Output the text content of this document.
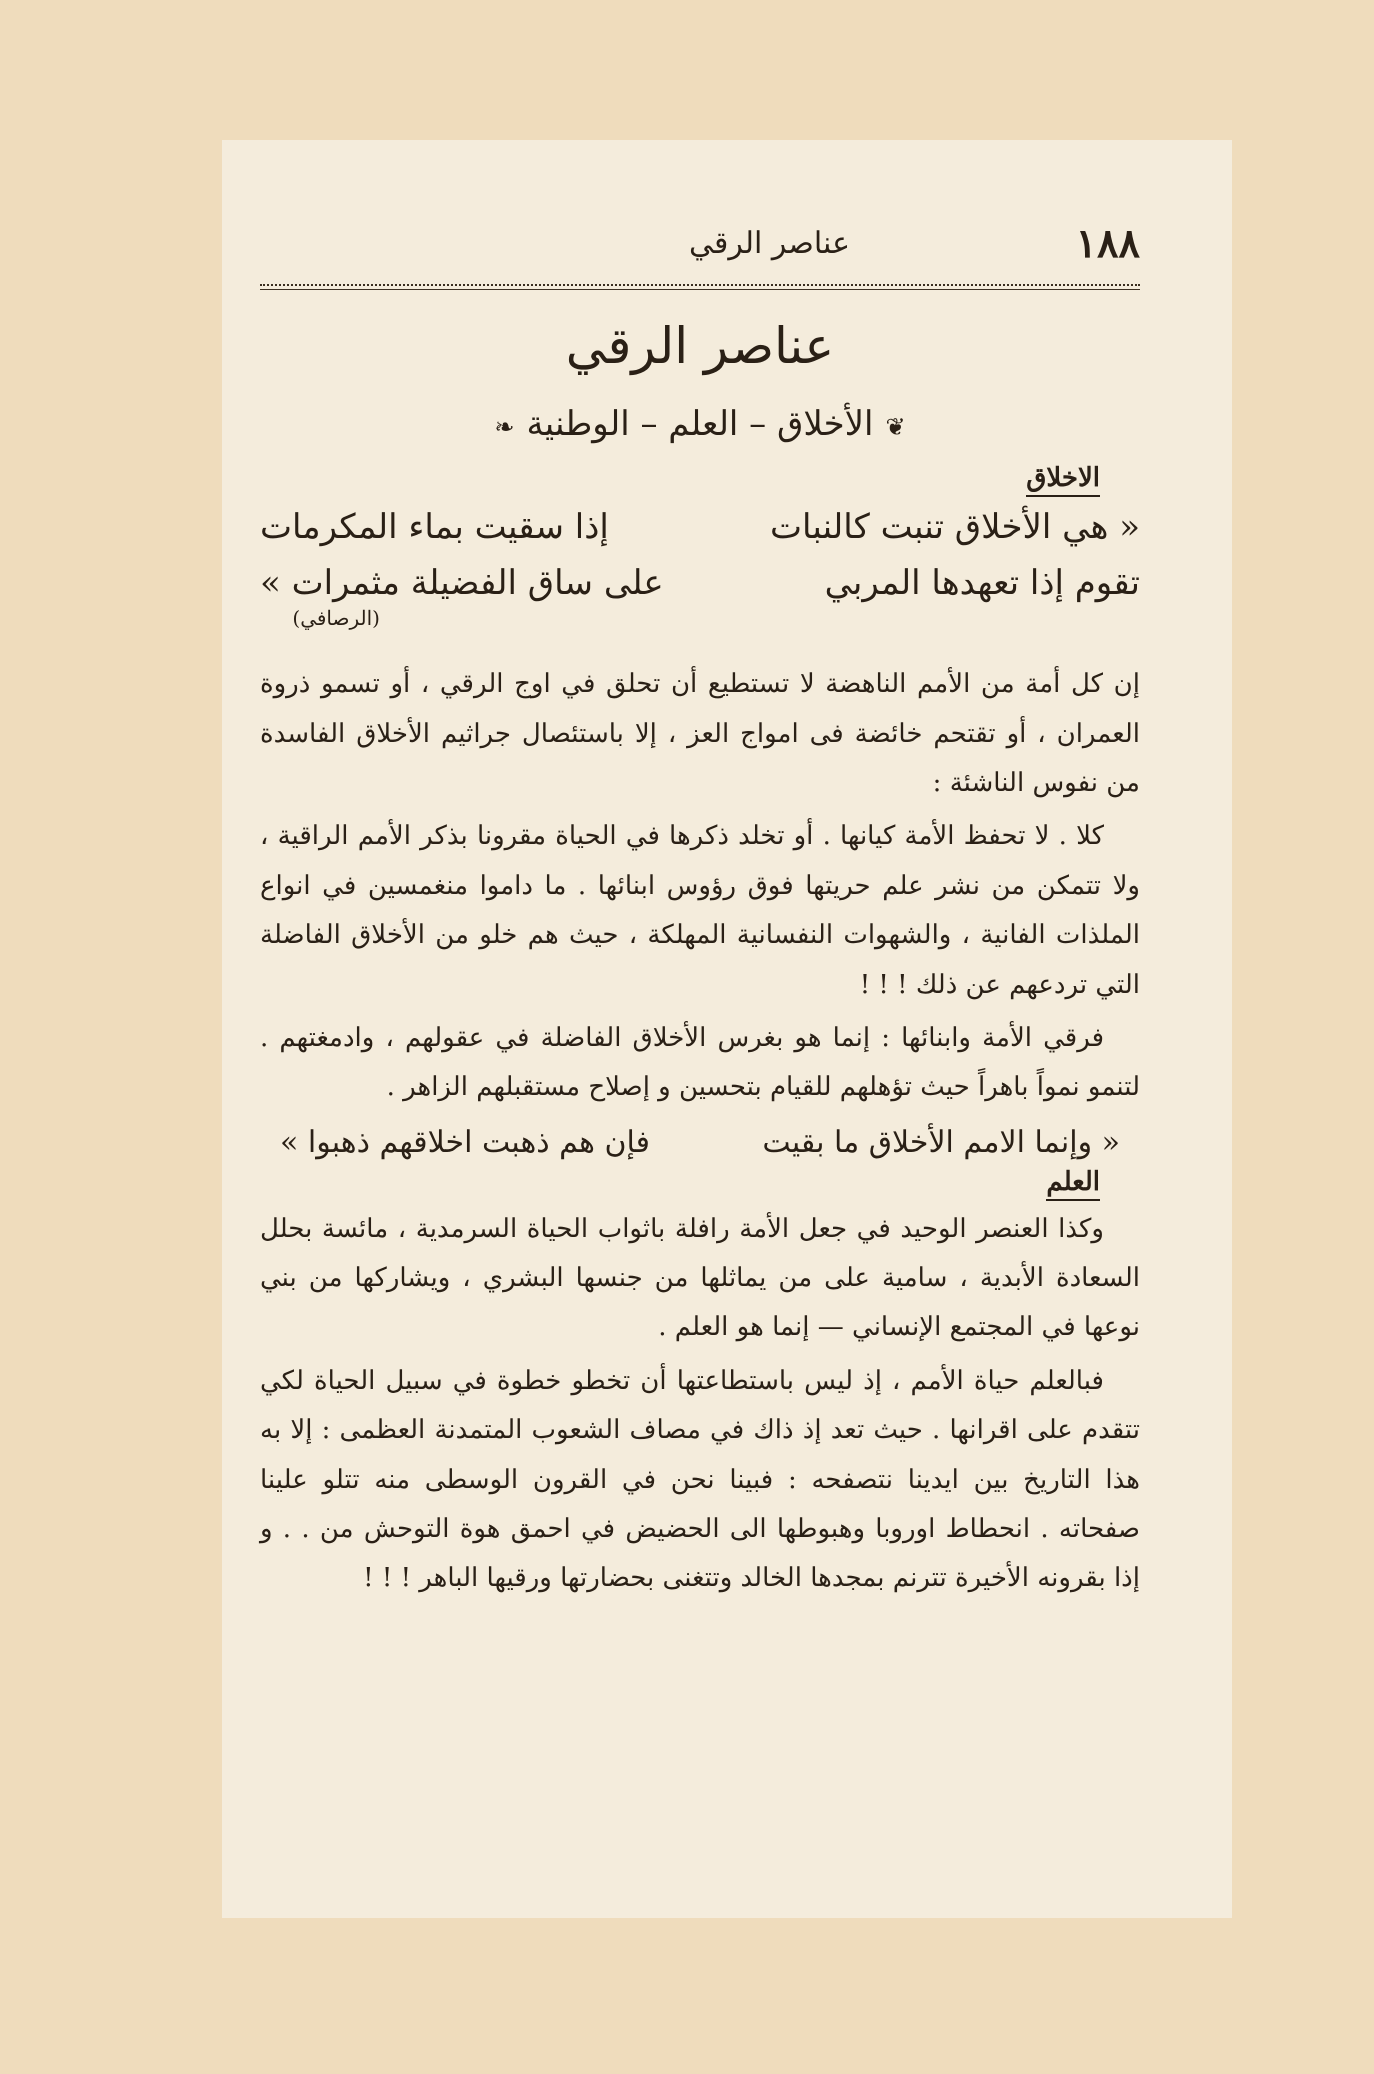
١٨٨
عناصر الرقي
عناصر الرقي
❦الأخلاق – العلم – الوطنية❧
الاخلاق
« هي الأخلاق تنبت كالنبات
إذا سقيت بماء المكرمات
تقوم إذا تعهدها المربي
على ساق الفضيلة مثمرات »
(الرصافي)

إن كل أمة من الأمم الناهضة لا تستطيع أن تحلق في اوج الرقي ، أو تسمو ذروة العمران ، أو تقتحم خائضة فى امواج العز ، إلا باستئصال جراثيم الأخلاق الفاسدة من نفوس الناشئة :

كلا . لا تحفظ الأمة كيانها . أو تخلد ذكرها في الحياة مقرونا بذكر الأمم الراقية ، ولا تتمكن من نشر علم حريتها فوق رؤوس ابنائها . ما داموا منغمسين في انواع الملذات الفانية ، والشهوات النفسانية المهلكة ، حيث هم خلو من الأخلاق الفاضلة التي تردعهم عن ذلك ! ! !

فرقي الأمة وابنائها : إنما هو بغرس الأخلاق الفاضلة في عقولهم ، وادمغتهم . لتنمو نمواً باهراً حيث تؤهلهم للقيام بتحسين و إصلاح مستقبلهم الزاهر .

« وإنما الامم الأخلاق ما بقيت
فإن هم ذهبت اخلاقهم ذهبوا »
العلم

وكذا العنصر الوحيد في جعل الأمة رافلة باثواب الحياة السرمدية ، مائسة بحلل السعادة الأبدية ، سامية على من يماثلها من جنسها البشري ، ويشاركها من بني نوعها في المجتمع الإنساني — إنما هو العلم .

فبالعلم حياة الأمم ، إذ ليس باستطاعتها أن تخطو خطوة في سبيل الحياة لكي تتقدم على اقرانها . حيث تعد إذ ذاك في مصاف الشعوب المتمدنة العظمى : إلا به هذا التاريخ بين ايدينا نتصفحه : فبينا نحن في القرون الوسطى منه تتلو علينا صفحاته . انحطاط اوروبا وهبوطها الى الحضيض في احمق هوة التوحش من . . و إذا بقرونه الأخيرة تترنم بمجدها الخالد وتتغنى بحضارتها ورقيها الباهر ! ! !
